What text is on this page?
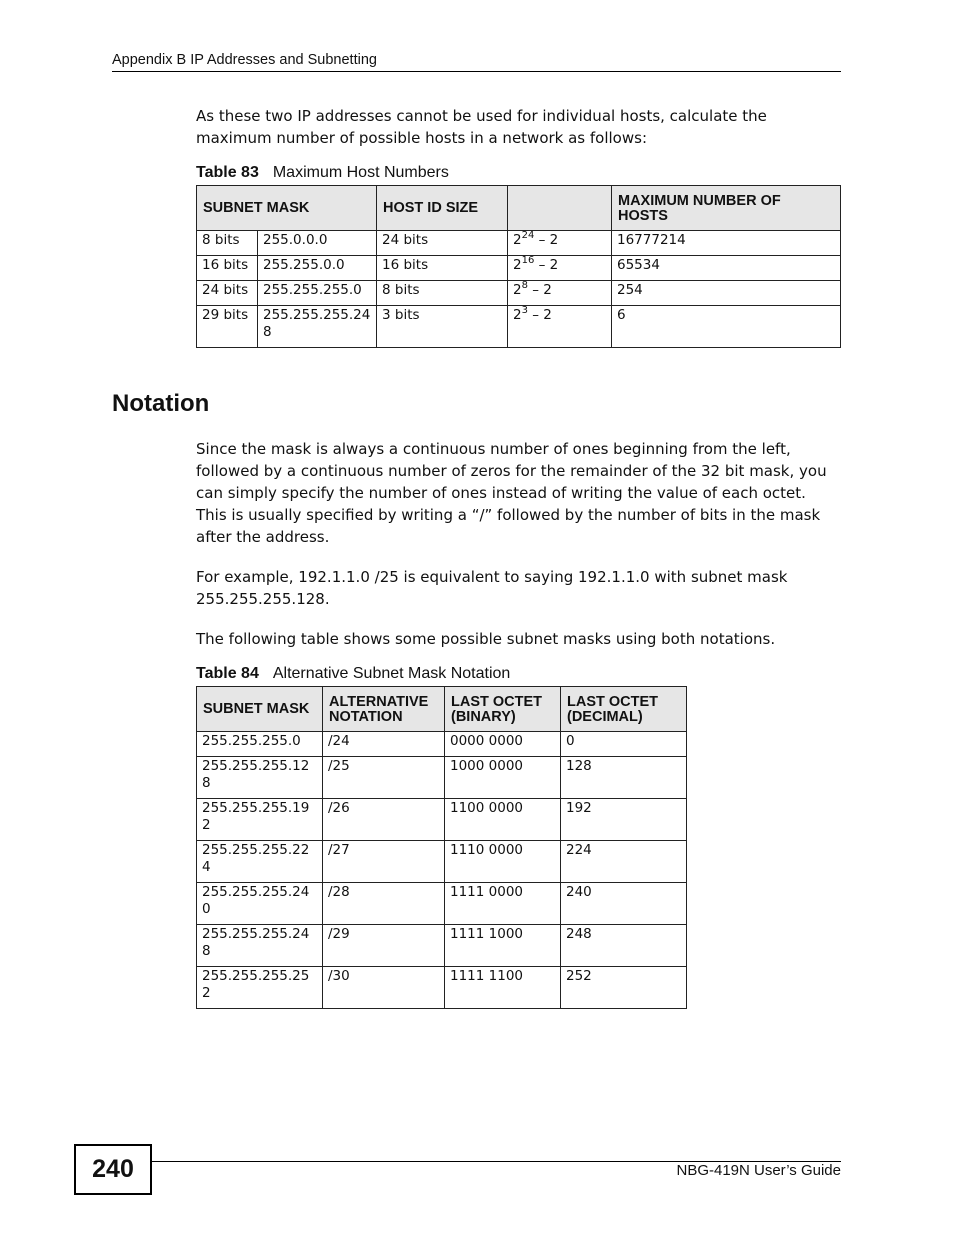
Appendix B IP Addresses and Subnetting

As these two IP addresses cannot be used for individual hosts, calculate the maximum number of possible hosts in a network as follows:

Table 83 Maximum Host Numbers
SUBNET MASK		HOST ID SIZE		MAXIMUM NUMBER OF HOSTS
8 bits	255.0.0.0	24 bits	$2^{24} - 2$	16777214
16 bits	255.255.0.0	16 bits	$2^{16} - 2$	65534
24 bits	255.255.255.0	8 bits	$2^8 - 2$	254
29 bits	255.255.255.248	3 bits	$2^3 - 2$	6
Notation

Since the mask is always a continuous number of ones beginning from the left, followed by a continuous number of zeros for the remainder of the 32 bit mask, you can simply specify the number of ones instead of writing the value of each octet. This is usually specified by writing a “/” followed by the number of bits in the mask after the address.

For example, 192.1.1.0 /25 is equivalent to saying 192.1.1.0 with subnet mask 255.255.255.128.

The following table shows some possible subnet masks using both notations.

Table 84 Alternative Subnet Mask Notation
SUBNET MASK	ALTERNATIVE NOTATION	LAST OCTET (BINARY)	LAST OCTET (DECIMAL)
255.255.255.0	/24	0000 0000	0
255.255.255.128	/25	1000 0000	128
255.255.255.192	/26	1100 0000	192
255.255.255.224	/27	1110 0000	224
255.255.255.240	/28	1111 0000	240
255.255.255.248	/29	1111 1000	248
255.255.255.252	/30	1111 1100	252
240	NBG-419N User’s Guide
